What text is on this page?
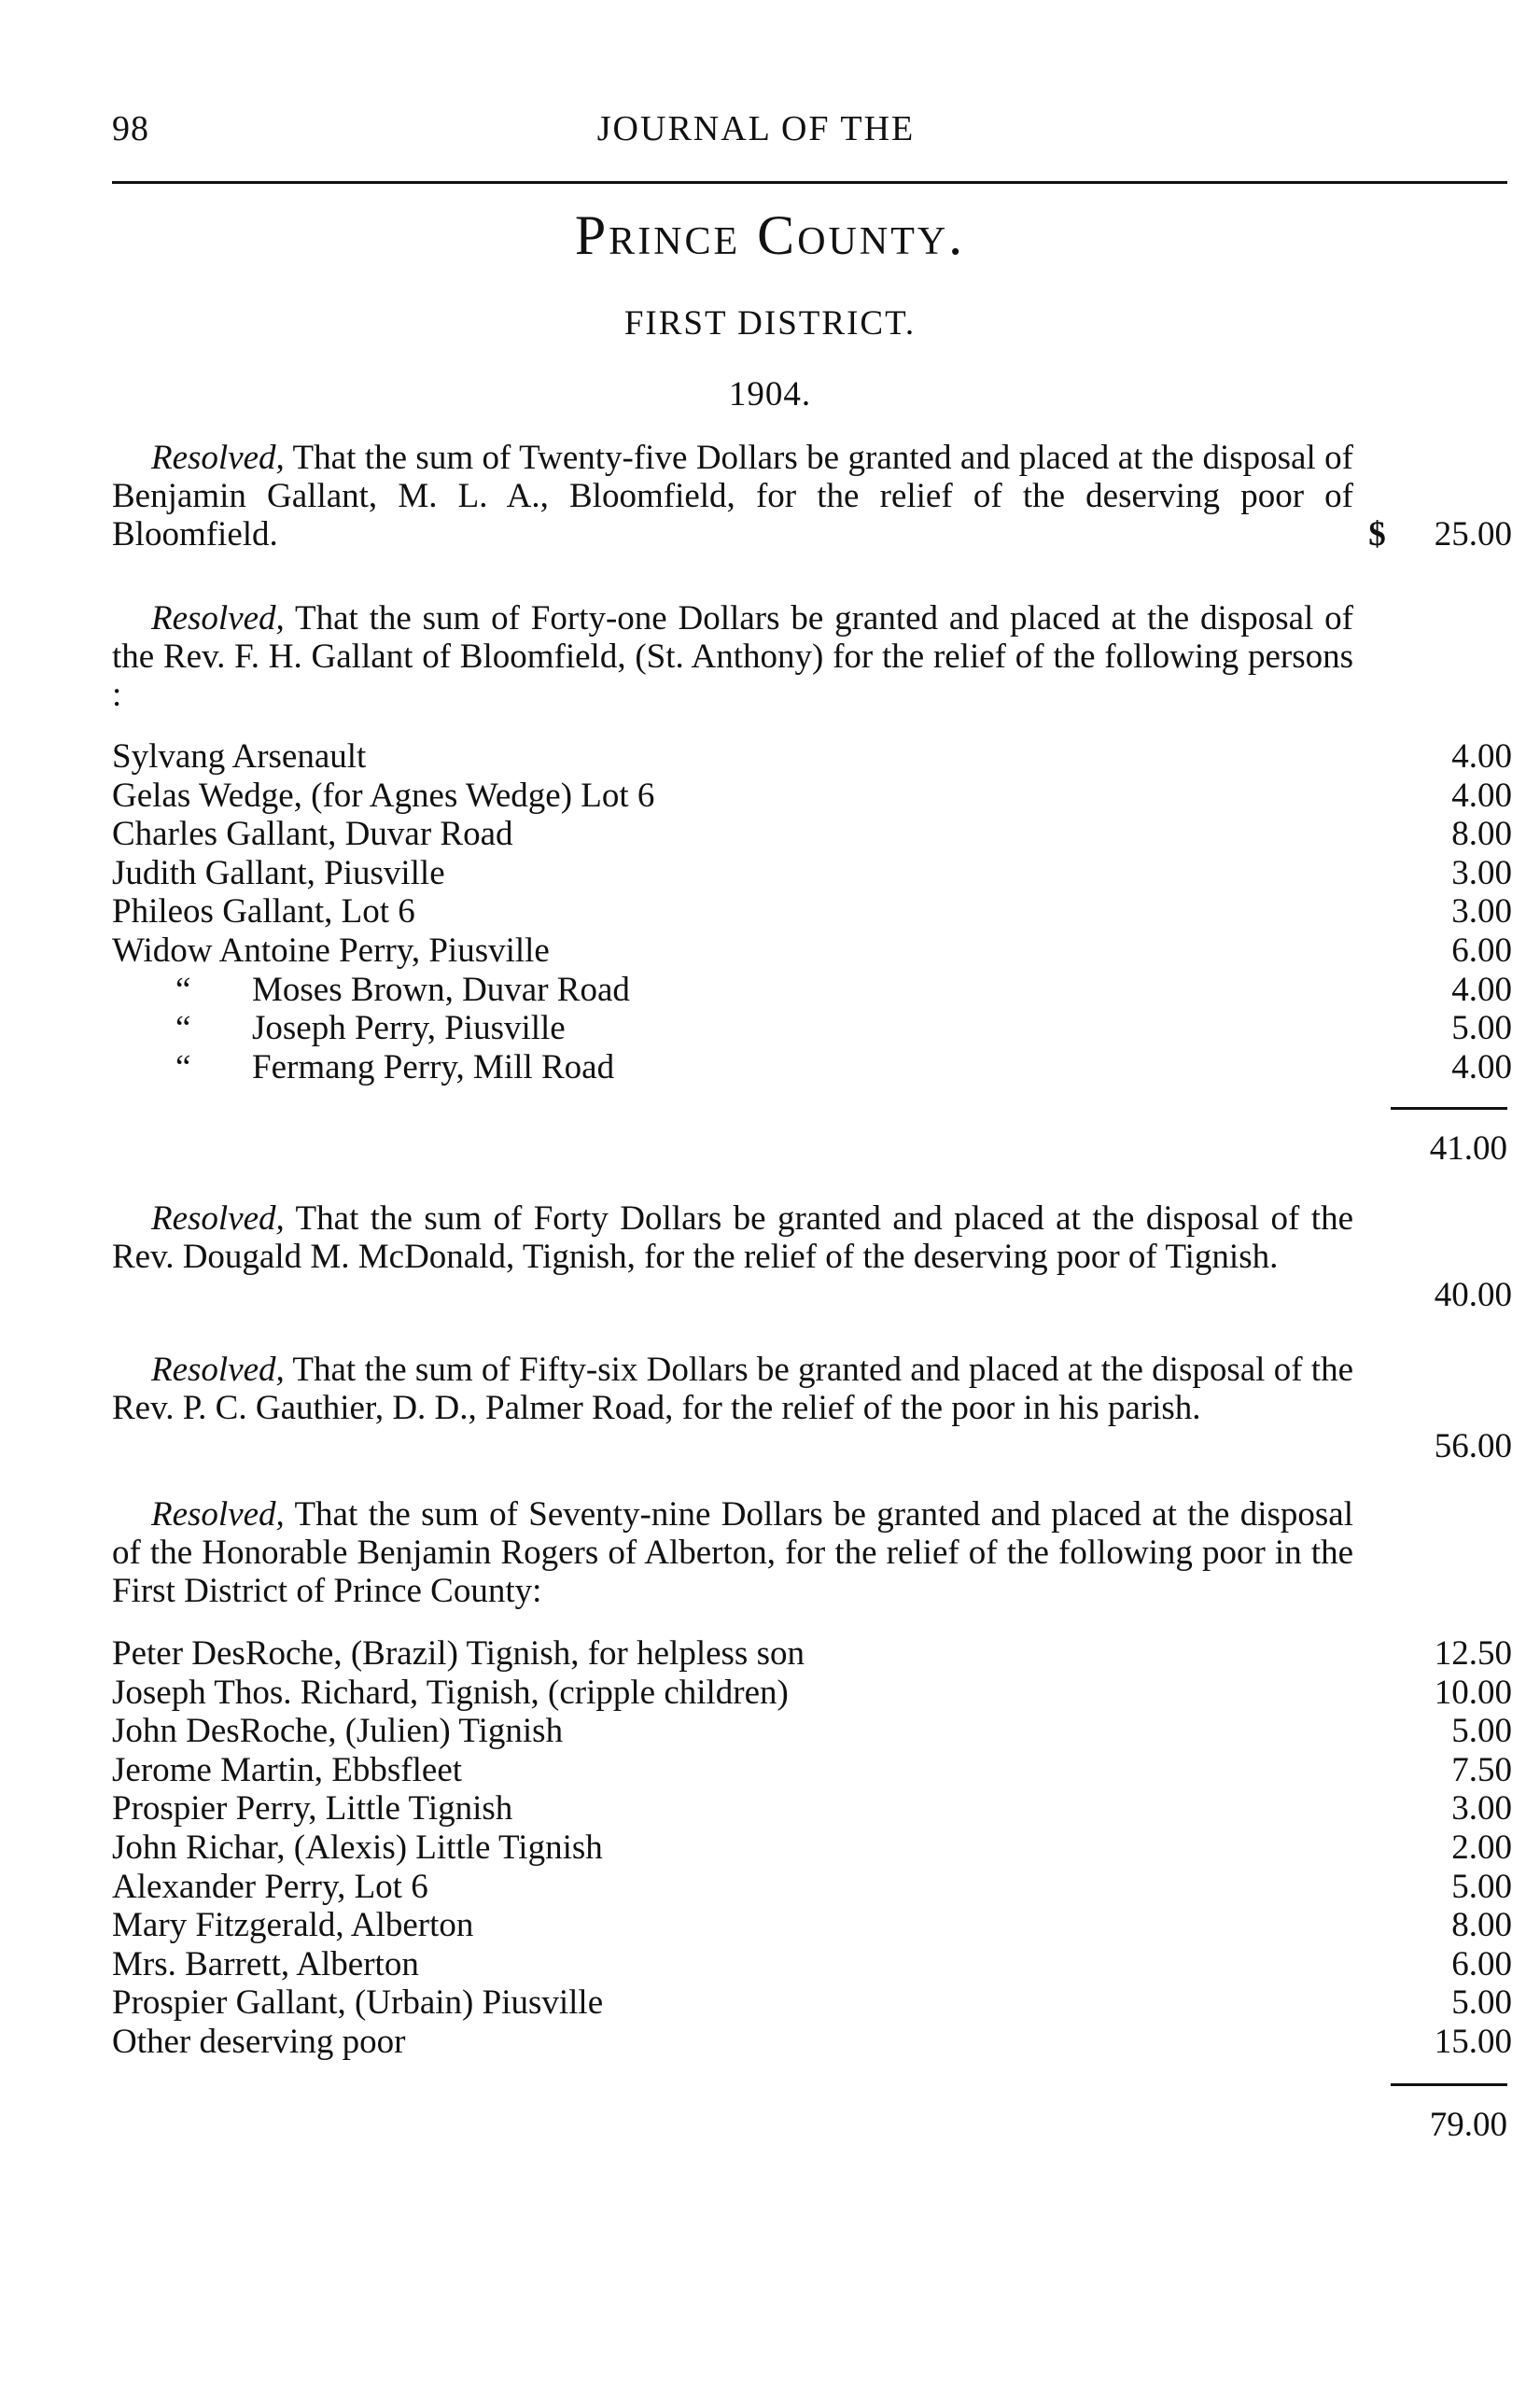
98	JOURNAL OF THE
Prince County.
FIRST DISTRICT.
1904.

Resolved, That the sum of Twenty-five Dollars be granted and placed at the disposal of Benjamin Gallant, M. L. A., Bloomfield, for the relief of the deserving poor of Bloomfield.	$ 25.00

Resolved, That the sum of Forty-one Dollars be granted and placed at the disposal of the Rev. F. H. Gallant of Bloomfield, (St. Anthony) for the relief of the following persons :

Sylvang Arsenault	4.00
Gelas Wedge, (for Agnes Wedge) Lot 6	4.00
Charles Gallant, Duvar Road	8.00
Judith Gallant, Piusville	3.00
Phileos Gallant, Lot 6	3.00
Widow Antoine Perry, Piusville	6.00
“ Moses Brown, Duvar Road	4.00
“ Joseph Perry, Piusville	5.00
“ Fermang Perry, Mill Road	4.00
41.00

Resolved, That the sum of Forty Dollars be granted and placed at the disposal of the Rev. Dougald M. McDonald, Tignish, for the relief of the deserving poor of Tignish.

40.00

Resolved, That the sum of Fifty-six Dollars be granted and placed at the disposal of the Rev. P. C. Gauthier, D. D., Palmer Road, for the relief of the poor in his parish.

56.00

Resolved, That the sum of Seventy-nine Dollars be granted and placed at the disposal of the Honorable Benjamin Rogers of Alberton, for the relief of the following poor in the First District of Prince County:

Peter DesRoche, (Brazil) Tignish, for helpless son	12.50
Joseph Thos. Richard, Tignish, (cripple children)	10.00
John DesRoche, (Julien) Tignish	5.00
Jerome Martin, Ebbsfleet	7.50
Prospier Perry, Little Tignish	3.00
John Richar, (Alexis) Little Tignish	2.00
Alexander Perry, Lot 6	5.00
Mary Fitzgerald, Alberton	8.00
Mrs. Barrett, Alberton	6.00
Prospier Gallant, (Urbain) Piusville	5.00
Other deserving poor	15.00
79.00
